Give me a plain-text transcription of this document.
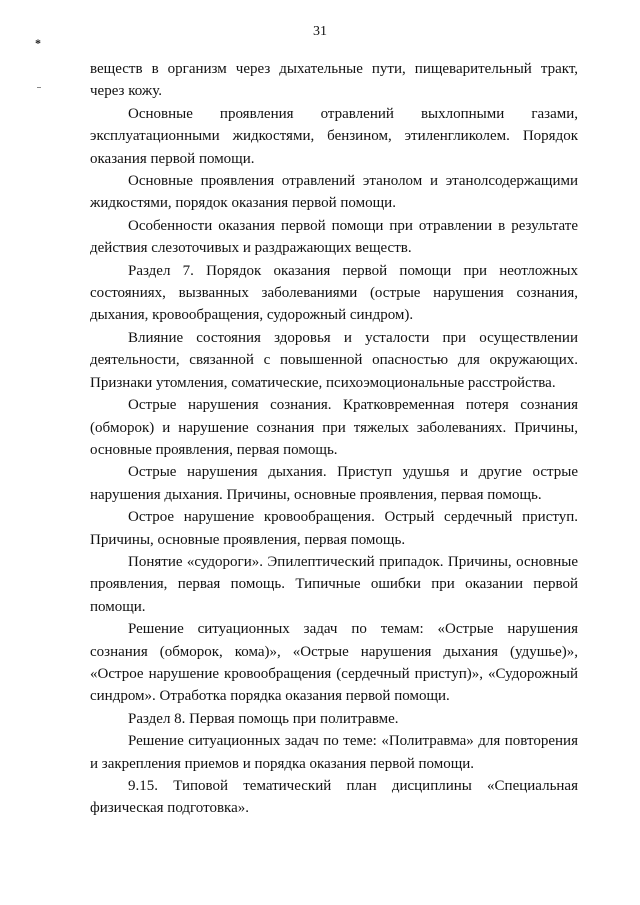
31
*

веществ в организм через дыхательные пути, пищеварительный тракт, через кожу.

Основные проявления отравлений выхлопными газами, эксплуатационными жидкостями, бензином, этиленгликолем. Порядок оказания первой помощи.

Основные проявления отравлений этанолом и этанолсодержащими жидкостями, порядок оказания первой помощи.

Особенности оказания первой помощи при отравлении в результате действия слезоточивых и раздражающих веществ.

Раздел 7. Порядок оказания первой помощи при неотложных состояниях, вызванных заболеваниями (острые нарушения сознания, дыхания, кровообращения, судорожный синдром).

Влияние состояния здоровья и усталости при осуществлении деятельности, связанной с повышенной опасностью для окружающих. Признаки утомления, соматические, психоэмоциональные расстройства.

Острые нарушения сознания. Кратковременная потеря сознания (обморок) и нарушение сознания при тяжелых заболеваниях. Причины, основные проявления, первая помощь.

Острые нарушения дыхания. Приступ удушья и другие острые нарушения дыхания. Причины, основные проявления, первая помощь.

Острое нарушение кровообращения. Острый сердечный приступ. Причины, основные проявления, первая помощь.

Понятие «судороги». Эпилептический припадок. Причины, основные проявления, первая помощь. Типичные ошибки при оказании первой помощи.

Решение ситуационных задач по темам: «Острые нарушения сознания (обморок, кома)», «Острые нарушения дыхания (удушье)», «Острое нарушение кровообращения (сердечный приступ)», «Судорожный синдром». Отработка порядка оказания первой помощи.

Раздел 8. Первая помощь при политравме.

Решение ситуационных задач по теме: «Политравма» для повторения и закрепления приемов и порядка оказания первой помощи.

9.15. Типовой тематический план дисциплины «Специальная физическая подготовка».
